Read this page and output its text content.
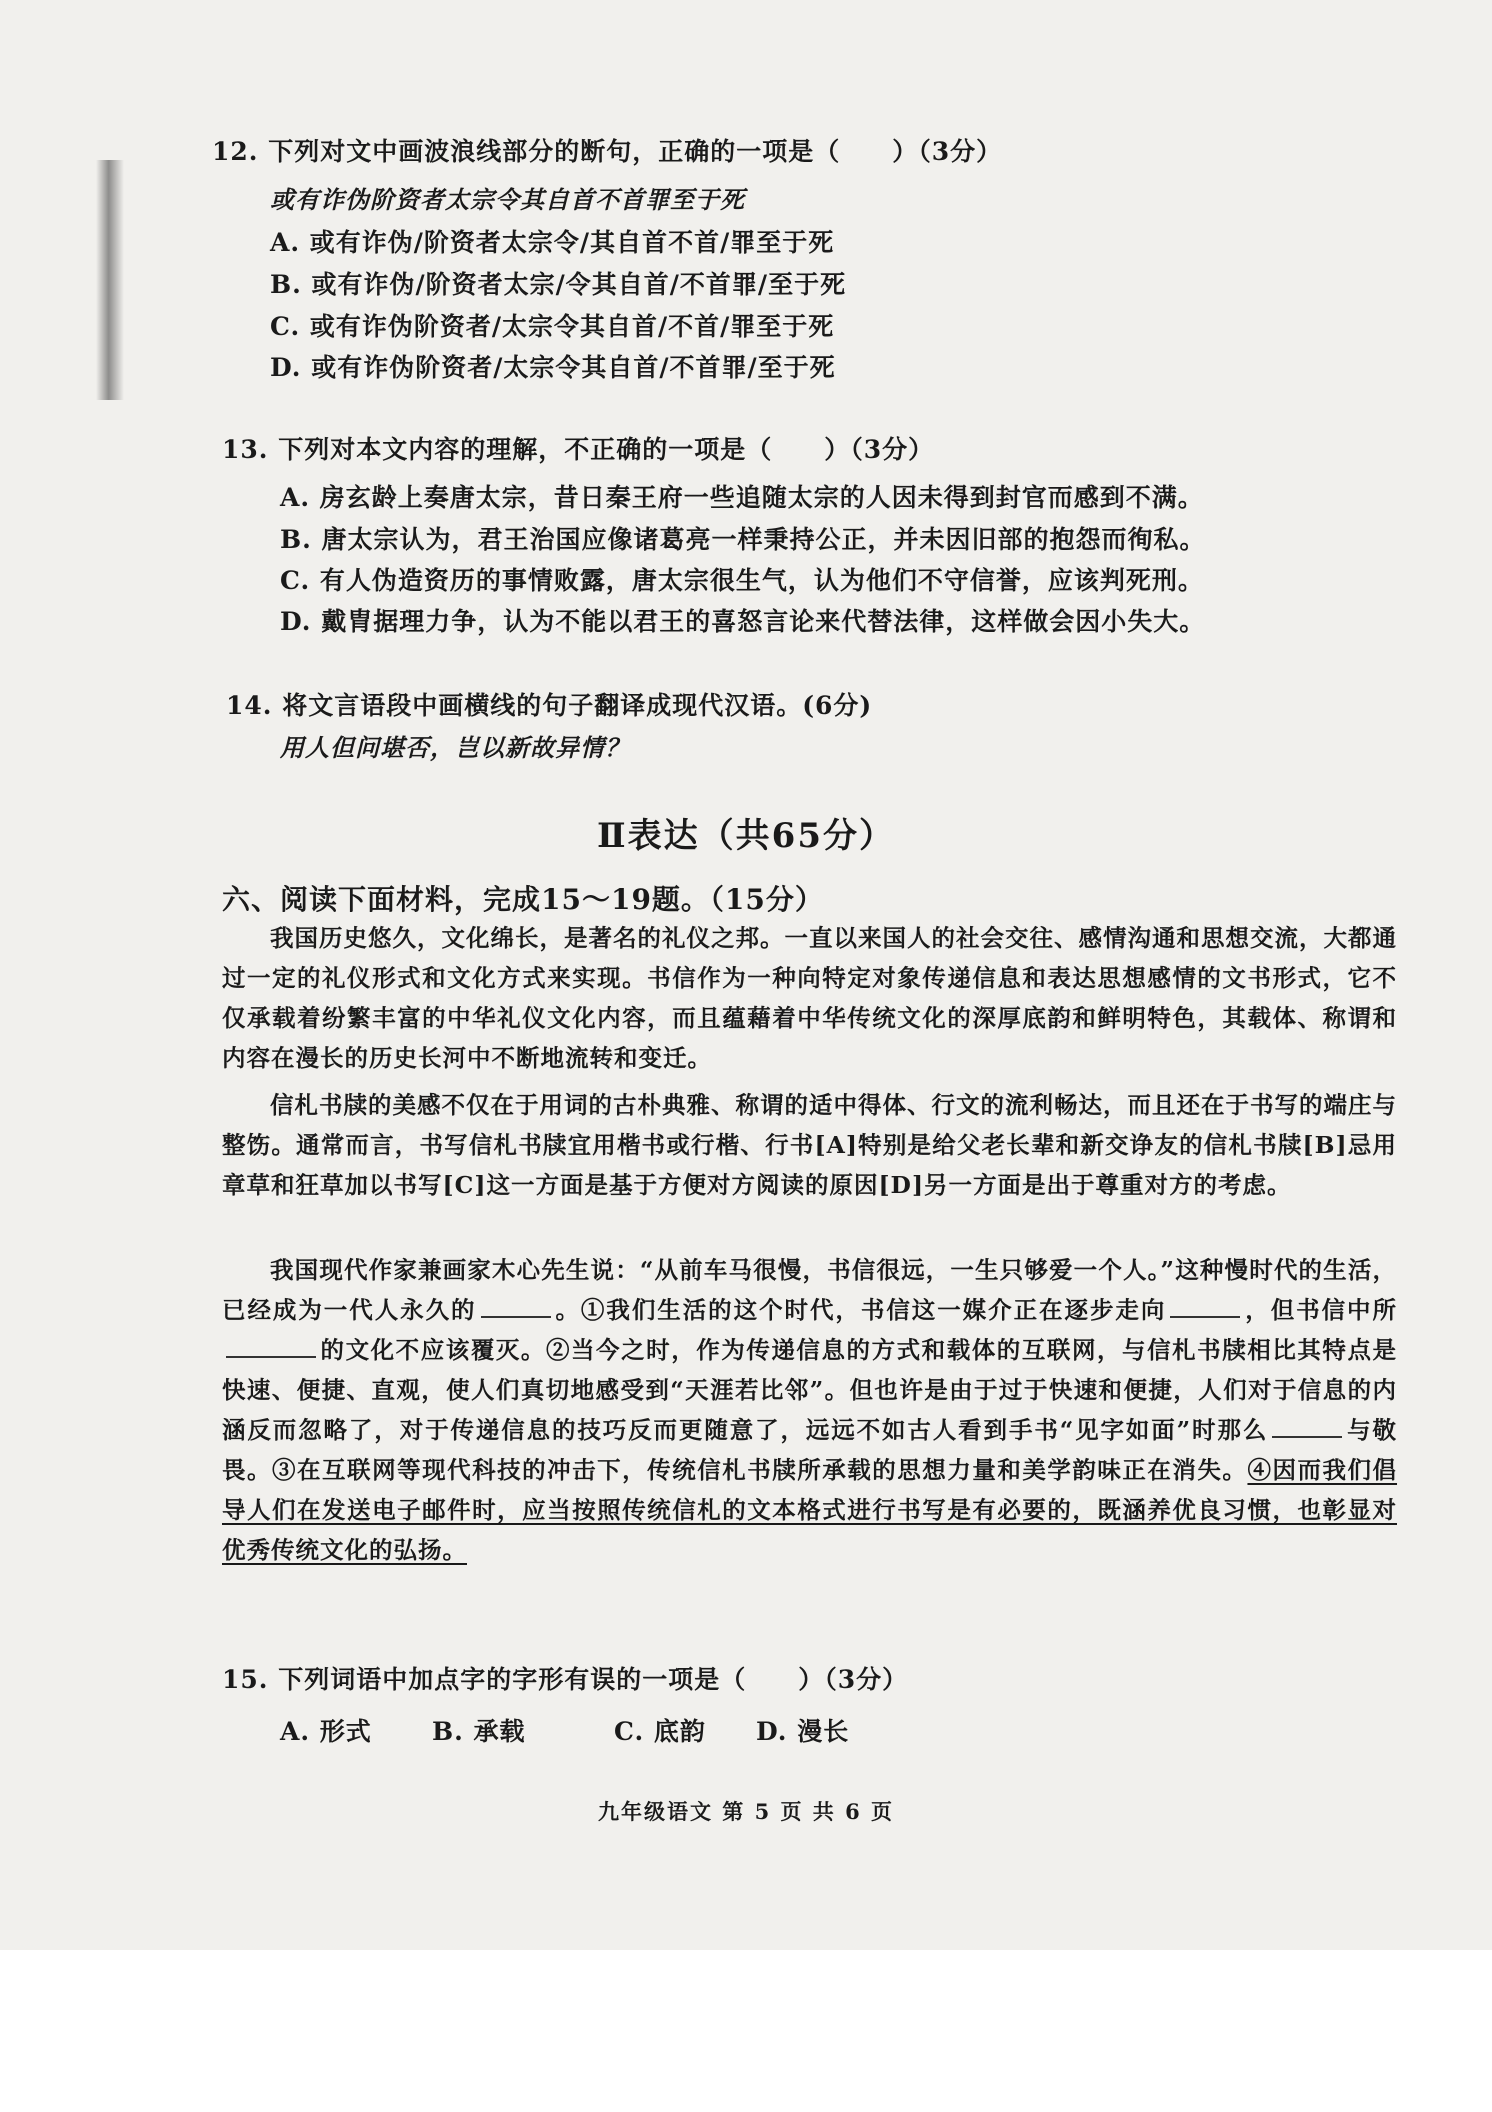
12. 下列对文中画波浪线部分的断句，正确的一项是（　　）（3分）
或有诈伪阶资者太宗令其自首不首罪至于死
A. 或有诈伪/阶资者太宗令/其自首不首/罪至于死
B. 或有诈伪/阶资者太宗/令其自首/不首罪/至于死
C. 或有诈伪阶资者/太宗令其自首/不首/罪至于死
D. 或有诈伪阶资者/太宗令其自首/不首罪/至于死
13. 下列对本文内容的理解，不正确的一项是（　　）（3分）
A. 房玄龄上奏唐太宗，昔日秦王府一些追随太宗的人因未得到封官而感到不满。
B. 唐太宗认为，君王治国应像诸葛亮一样秉持公正，并未因旧部的抱怨而徇私。
C. 有人伪造资历的事情败露，唐太宗很生气，认为他们不守信誉，应该判死刑。
D. 戴胄据理力争，认为不能以君王的喜怒言论来代替法律，这样做会因小失大。
14. 将文言语段中画横线的句子翻译成现代汉语。(6分)
用人但问堪否，岂以新故异情？
Ⅱ表达（共65分）
六、阅读下面材料，完成15～19题。（15分）
我国历史悠久，文化绵长，是著名的礼仪之邦。一直以来国人的社会交往、感情沟通和思想交流，大都通过一定的礼仪形式和文化方式来实现。书信作为一种向特定对象传递信息和表达思想感情的文书形式，它不仅承载着纷繁丰富的中华礼仪文化内容，而且蕴藉着中华传统文化的深厚底韵和鲜明特色，其载体、称谓和内容在漫长的历史长河中不断地流转和变迁。
信札书牍的美感不仅在于用词的古朴典雅、称谓的适中得体、行文的流利畅达，而且还在于书写的端庄与整饬。通常而言，书写信札书牍宜用楷书或行楷、行书[A]特别是给父老长辈和新交诤友的信札书牍[B]忌用章草和狂草加以书写[C]这一方面是基于方便对方阅读的原因[D]另一方面是出于尊重对方的考虑。
我国现代作家兼画家木心先生说：“从前车马很慢，书信很远，一生只够爱一个人。”这种慢时代的生活，已经成为一代人永久的	。①我们生活的这个时代，书信这一媒介正在逐步走向	，但书信中所的文化不应该覆灭。②当今之时，作为传递信息的方式和载体的互联网，与信札书牍相比其特点是快速、便捷、直观，使人们真切地感受到“天涯若比邻”。但也许是由于过于快速和便捷，人们对于信息的内涵反而忽略了，对于传递信息的技巧反而更随意了，远远不如古人看到手书“见字如面”时那么	与敬畏。③在互联网等现代科技的冲击下，传统信札书牍所承载的思想力量和美学韵味正在消失。④因而我们倡导人们在发送电子邮件时，应当按照传统信札的文本格式进行书写是有必要的，既涵养优良习惯，也彰显对优秀传统文化的弘扬。
15. 下列词语中加点字的字形有误的一项是（　　）（3分）
A. 形式 B. 承载	C. 底韵 D. 漫长
九年级语文 第 5 页 共 6 页
